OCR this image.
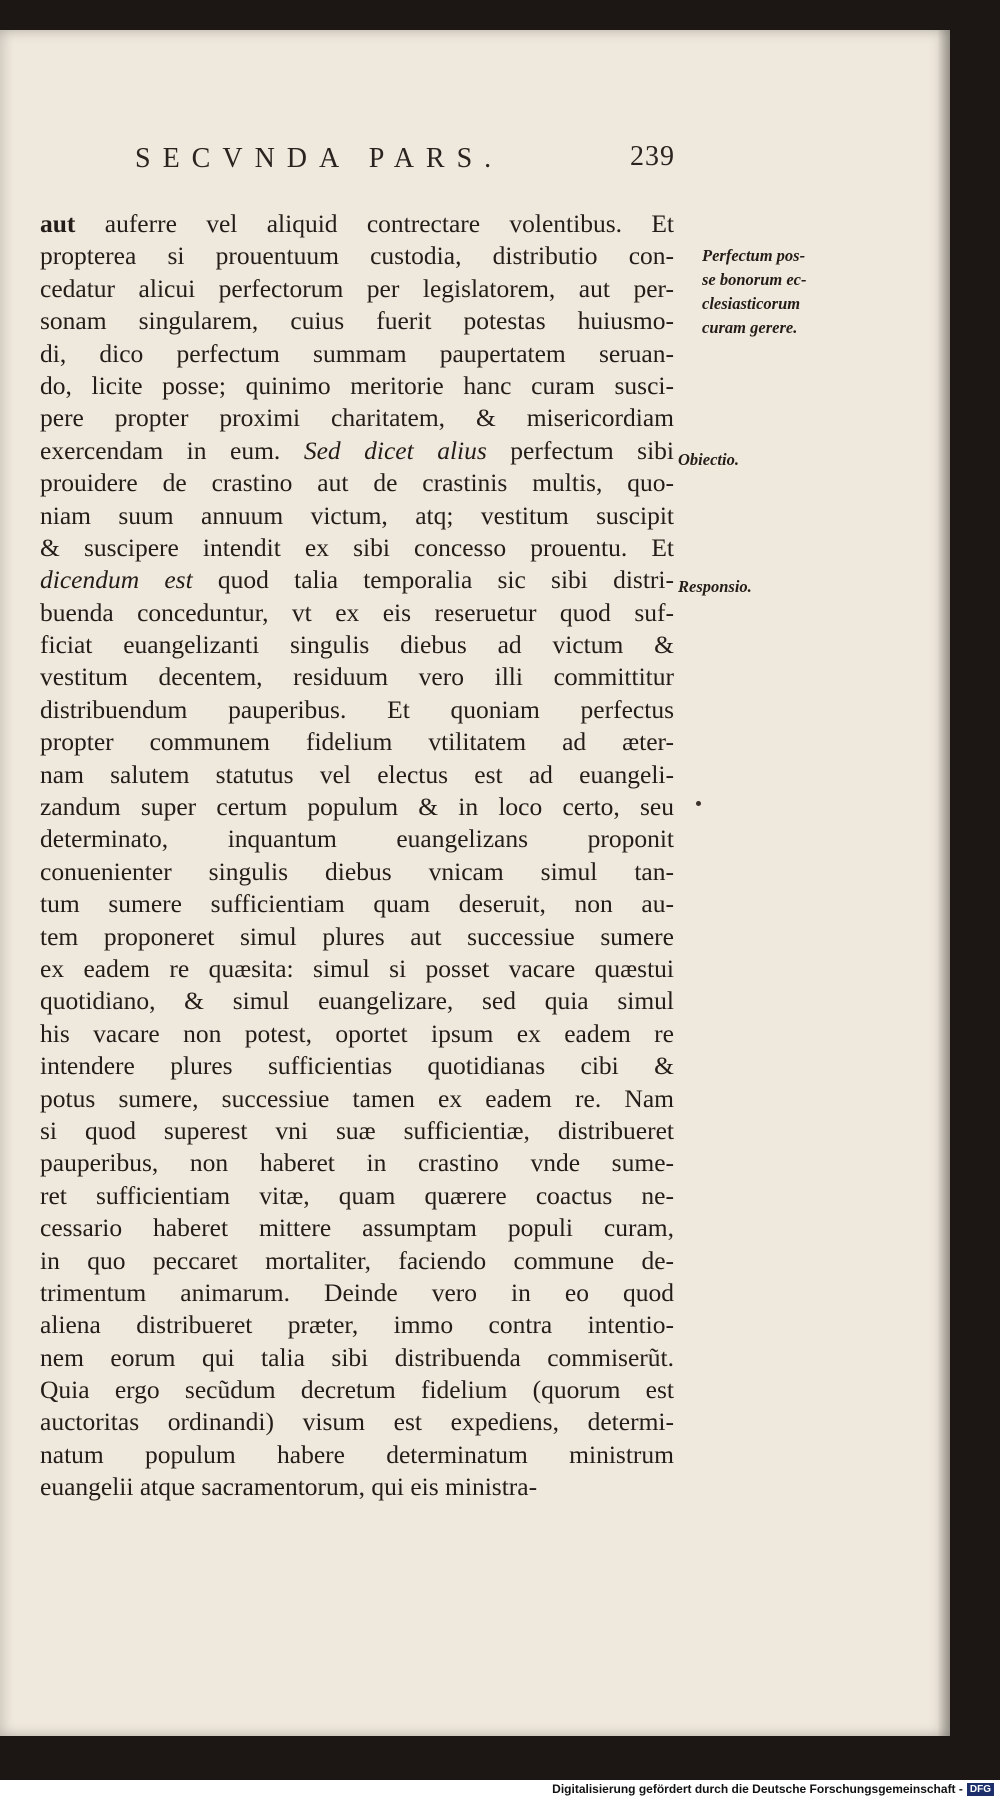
SECVNDA PARS.	239
aut auferre vel aliquid contrectare volentibus. Et
propterea si prouentuum custodia, distributio con-
cedatur alicui perfectorum per legislatorem, aut per-
sonam singularem, cuius fuerit potestas huiusmo-
di, dico perfectum summam paupertatem seruan-
do, licite posse; quinimo meritorie hanc curam susci-
pere propter proximi charitatem, & misericordiam
exercendam in eum. Sed dicet alius perfectum sibi
prouidere de crastino aut de crastinis multis, quo-
niam suum annuum victum, atq; vestitum suscipit
& suscipere intendit ex sibi concesso prouentu. Et
dicendum est quod talia temporalia sic sibi distri-
buenda conceduntur, vt ex eis reseruetur quod suf-
ficiat euangelizanti singulis diebus ad victum &
vestitum decentem, residuum vero illi committitur
distribuendum pauperibus. Et quoniam perfectus
propter communem fidelium vtilitatem ad æter-
nam salutem statutus vel electus est ad euangeli-
zandum super certum populum & in loco certo, seu
determinato, inquantum euangelizans proponit
conuenienter singulis diebus vnicam simul tan-
tum sumere sufficientiam quam deseruit, non au-
tem proponeret simul plures aut successiue sumere
ex eadem re quæsita: simul si posset vacare quæstui
quotidiano, & simul euangelizare, sed quia simul
his vacare non potest, oportet ipsum ex eadem re
intendere plures sufficientias quotidianas cibi &
potus sumere, successiue tamen ex eadem re. Nam
si quod superest vni suæ sufficientiæ, distribueret
pauperibus, non haberet in crastino vnde sume-
ret sufficientiam vitæ, quam quærere coactus ne-
cessario haberet mittere assumptam populi curam,
in quo peccaret mortaliter, faciendo commune de-
trimentum animarum. Deinde vero in eo quod
aliena distribueret præter, immo contra intentio-
nem eorum qui talia sibi distribuenda commiserũt.
Quia ergo secũdum decretum fidelium (quorum est
auctoritas ordinandi) visum est expediens, determi-
natum populum habere determinatum ministrum
euangelii atque sacramentorum, qui eis ministra-
Perfectum pos-
se bonorum ec-
clesiasticorum
curam gerere.
Obiectio.
Responsio.
Digitalisierung gefördert durch die Deutsche Forschungsgemeinschaft - DFG
